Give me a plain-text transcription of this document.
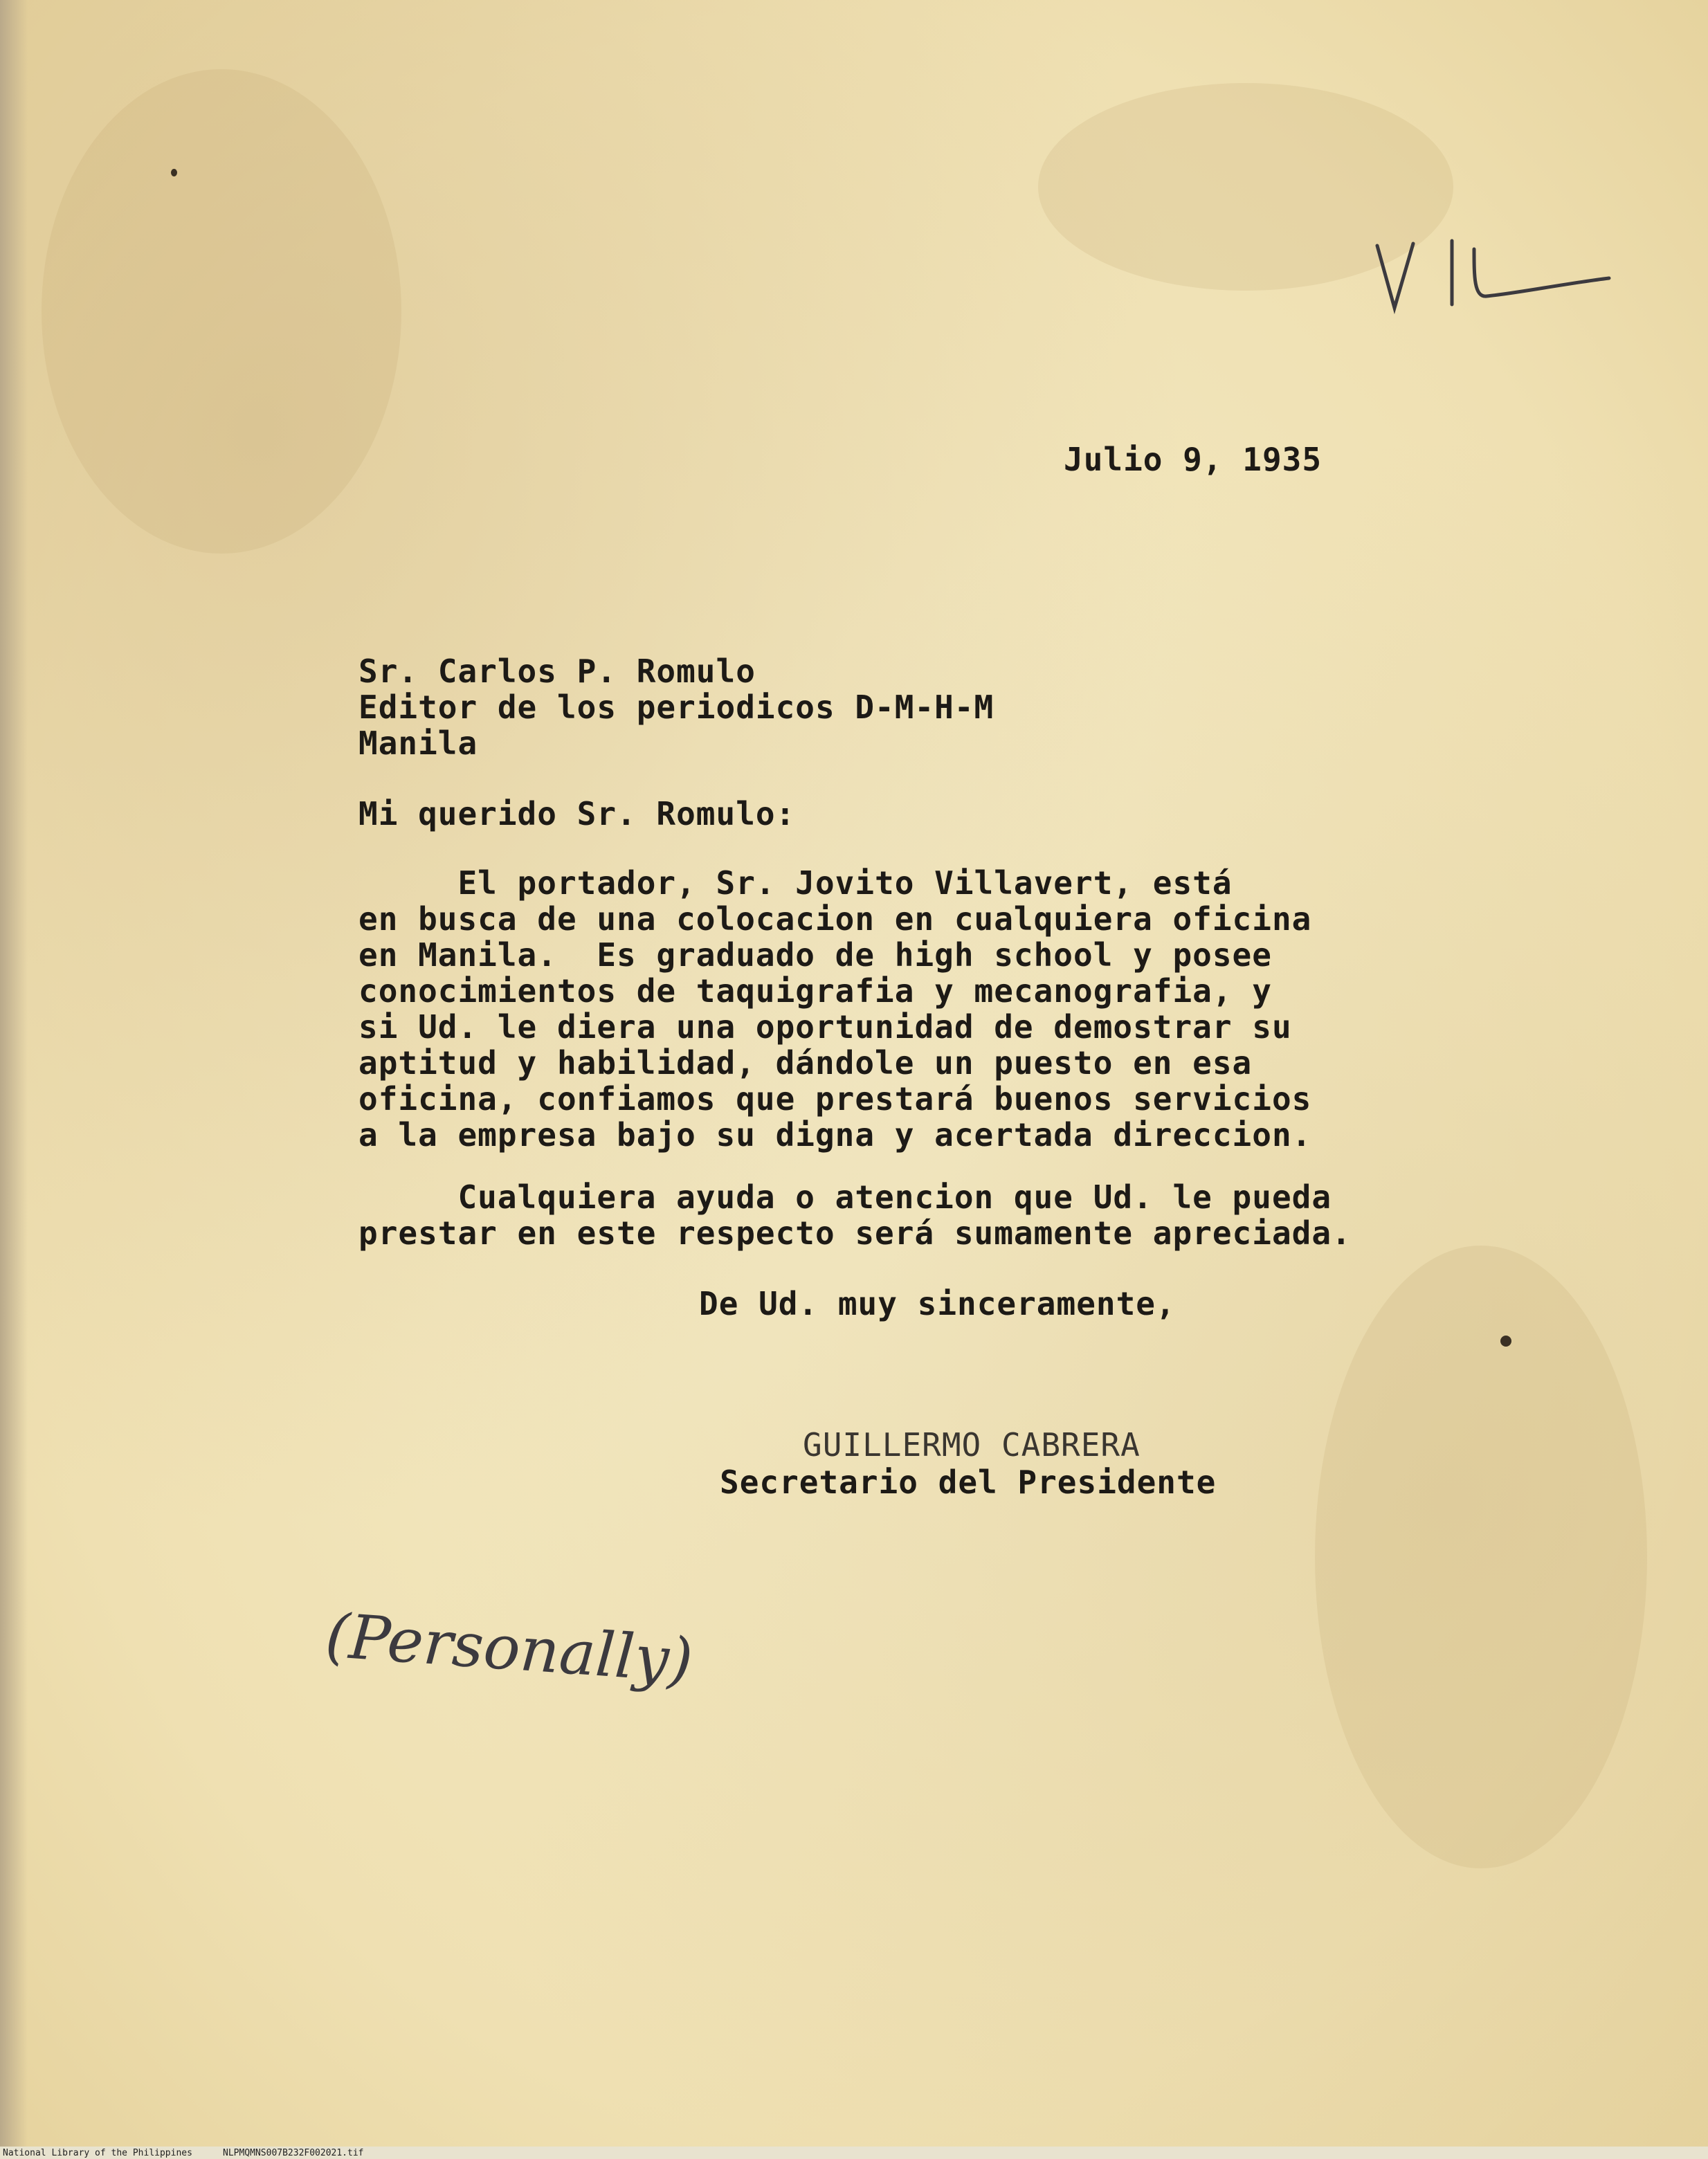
Julio 9, 1935
Sr. Carlos P. Romulo
Editor de los periodicos D-M-H-M
Manila
Mi querido Sr. Romulo:
El portador, Sr. Jovito Villavert, está
en busca de una colocacion en cualquiera oficina
en Manila.  Es graduado de high school y posee
conocimientos de taquigrafia y mecanografia, y
si Ud. le diera una oportunidad de demostrar su
aptitud y habilidad, dándole un puesto en esa
oficina, confiamos que prestará buenos servicios
a la empresa bajo su digna y acertada direccion.
Cualquiera ayuda o atencion que Ud. le pueda
prestar en este respecto será sumamente apreciada.
De Ud. muy sinceramente,
GUILLERMO CABRERA
Secretario del Presidente
(Personally)
National Library of the Philippines	NLPMQMNS007B232F002021.tif
